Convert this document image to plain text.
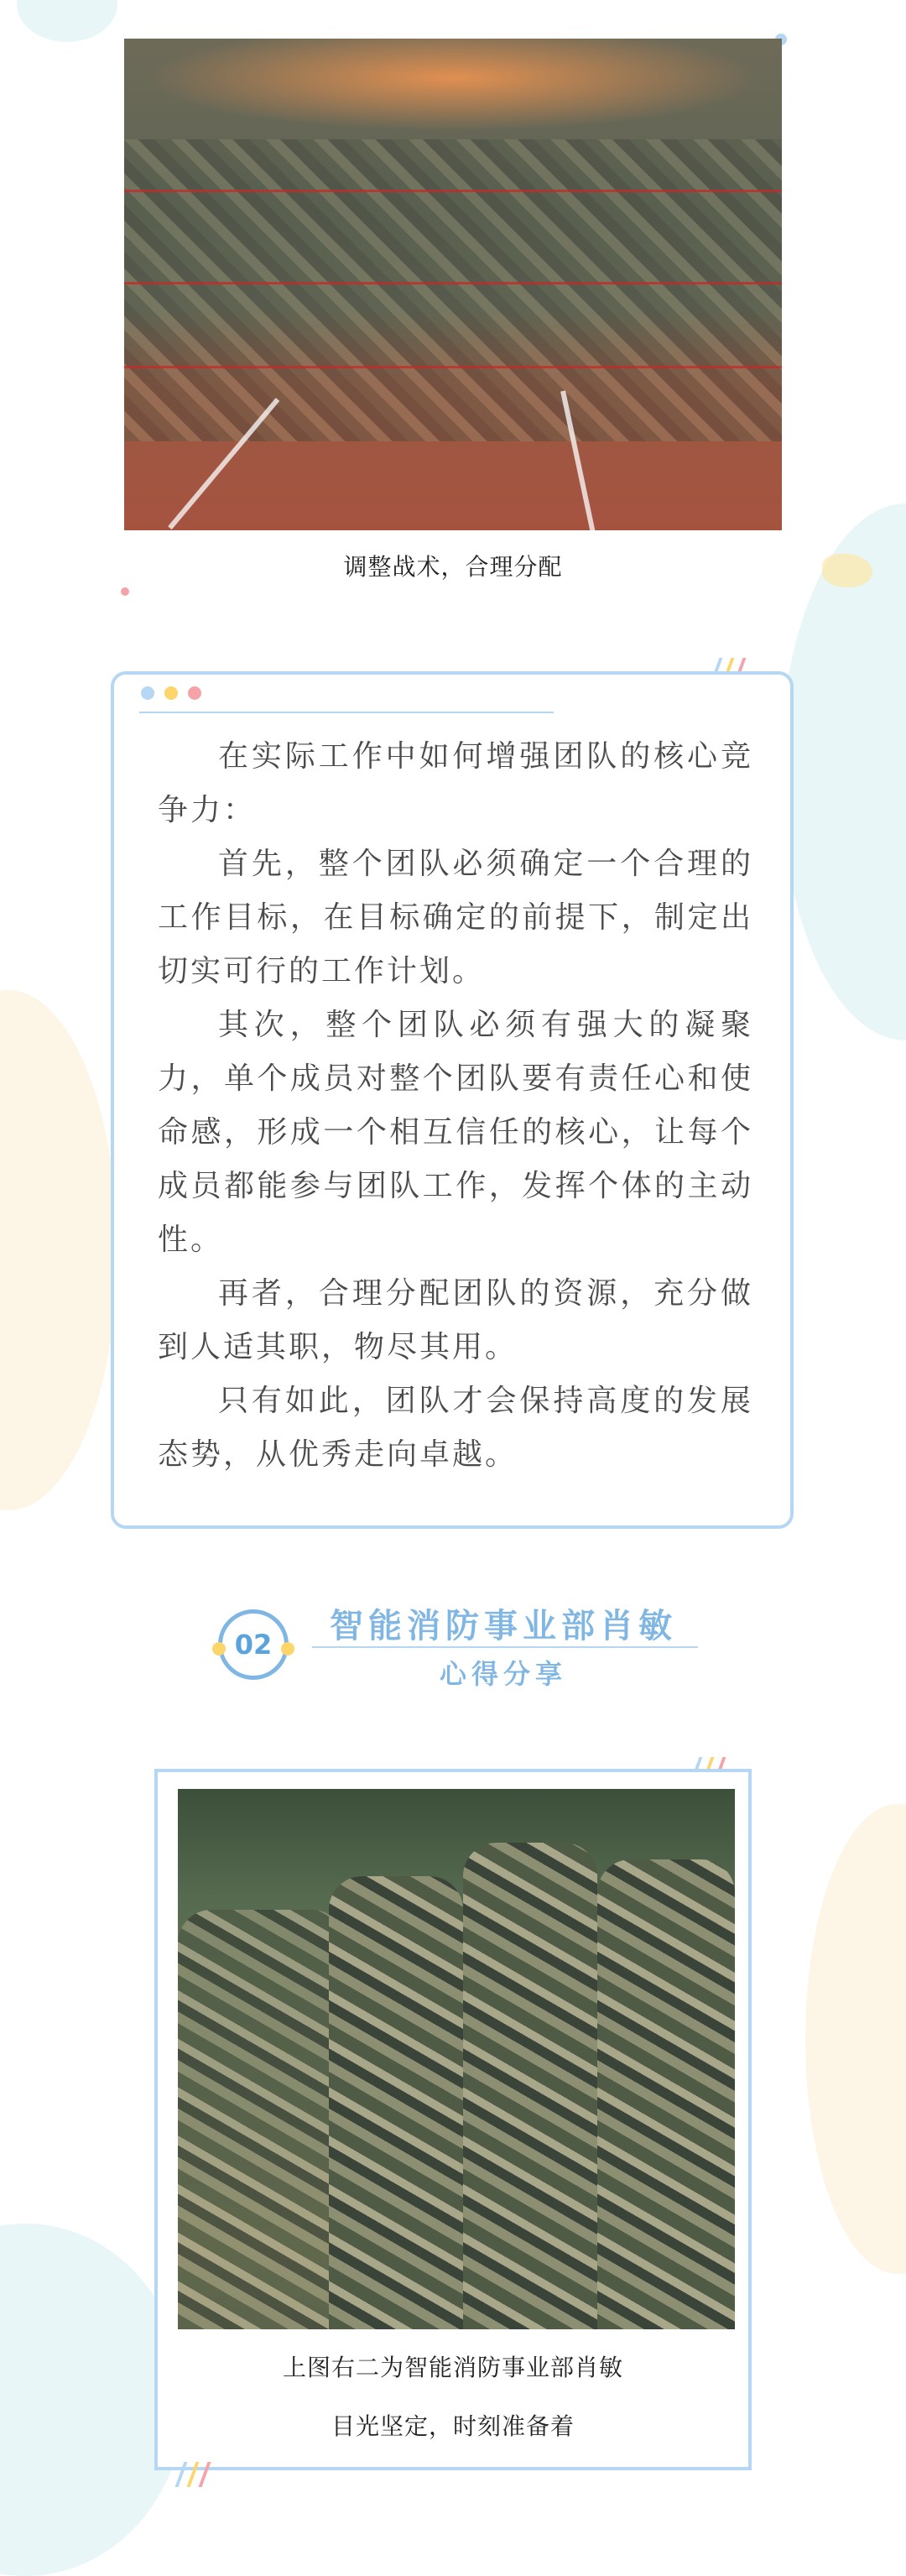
调整战术，合理分配

在实际工作中如何增强团队的核心竞争力：

首先，整个团队必须确定一个合理的工作目标，在目标确定的前提下，制定出切实可行的工作计划。

其次，整个团队必须有强大的凝聚力，单个成员对整个团队要有责任心和使命感，形成一个相互信任的核心，让每个成员都能参与团队工作，发挥个体的主动性。

再者，合理分配团队的资源，充分做到人适其职，物尽其用。

只有如此，团队才会保持高度的发展态势，从优秀走向卓越。

02	智能消防事业部肖敏
心得分享
上图右二为智能消防事业部肖敏
目光坚定，时刻准备着
